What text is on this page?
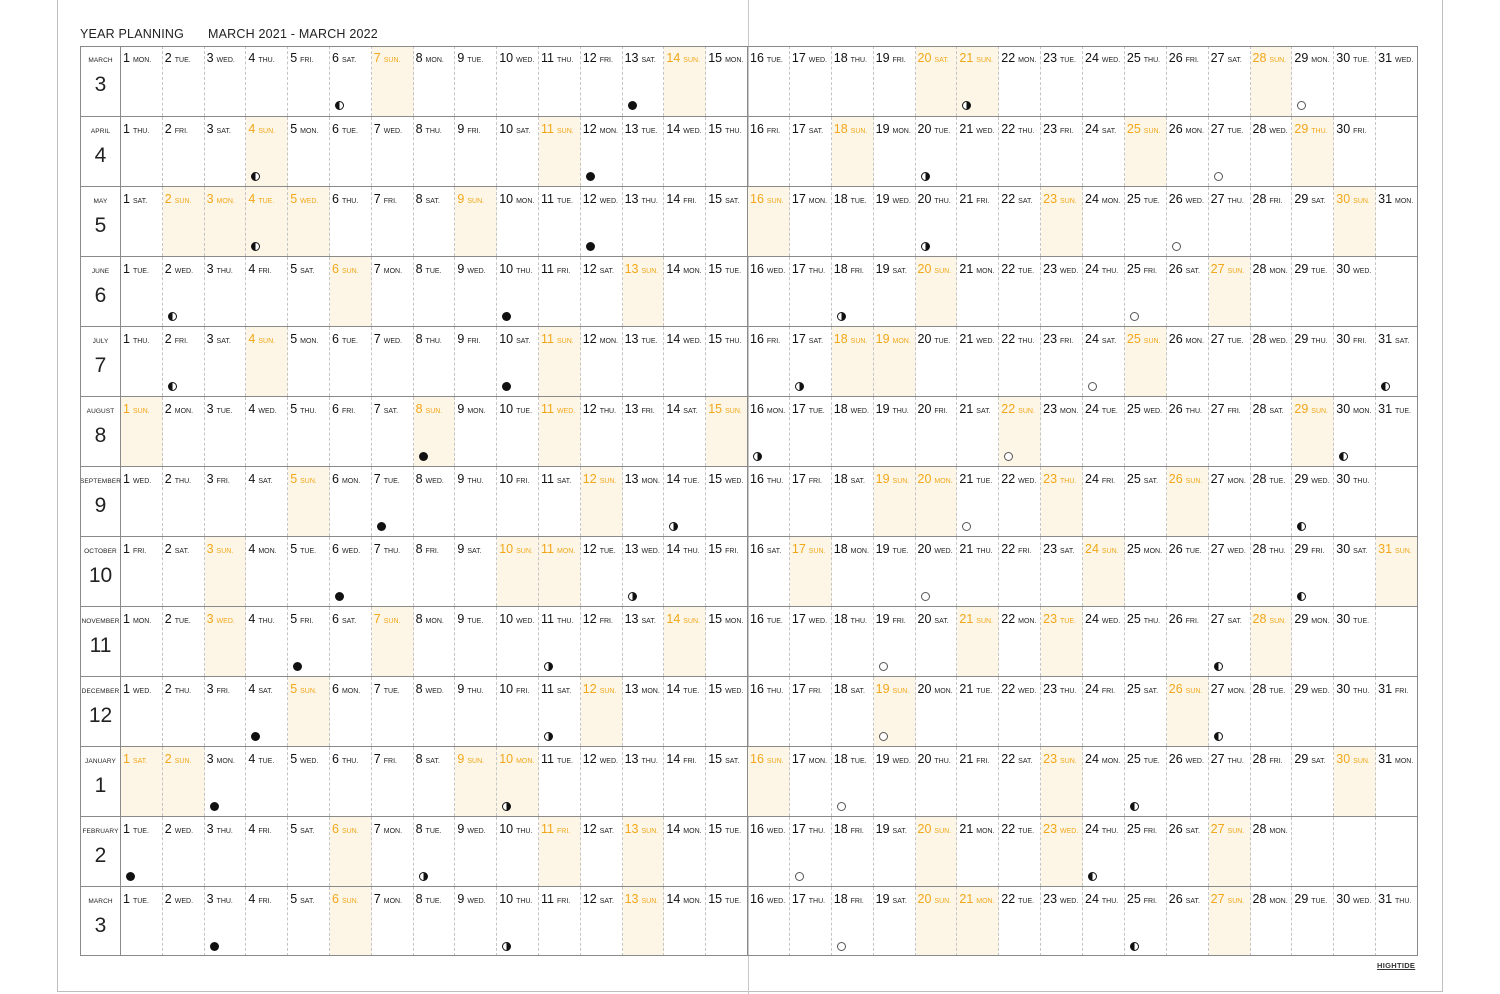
YEAR PLANNING MARCH 2021 - MARCH 2022
MARCH
3
1 MON. 2 TUE. 3 WED. 4 THU. 5 FRI. 6 SAT. 7 SUN. 8 MON. 9 TUE. 10 WED. 11 THU. 12 FRI. 13 SAT. 14 SUN. 15 MON. 16 TUE. 17 WED. 18 THU. 19 FRI. 20 SAT. 21 SUN. 22 MON. 23 TUE. 24 WED. 25 THU. 26 FRI. 27 SAT. 28 SUN. 29 MON. 30 TUE. 31 WED.
APRIL
4
1 THU. 2 FRI. 3 SAT. 4 SUN. 5 MON. 6 TUE. 7 WED. 8 THU. 9 FRI. 10 SAT. 11 SUN. 12 MON. 13 TUE. 14 WED. 15 THU. 16 FRI. 17 SAT. 18 SUN. 19 MON. 20 TUE. 21 WED. 22 THU. 23 FRI. 24 SAT. 25 SUN. 26 MON. 27 TUE. 28 WED. 29 THU. 30 FRI.
MAY
5
1 SAT. 2 SUN. 3 MON. 4 TUE. 5 WED. 6 THU. 7 FRI. 8 SAT. 9 SUN. 10 MON. 11 TUE. 12 WED. 13 THU. 14 FRI. 15 SAT. 16 SUN. 17 MON. 18 TUE. 19 WED. 20 THU. 21 FRI. 22 SAT. 23 SUN. 24 MON. 25 TUE. 26 WED. 27 THU. 28 FRI. 29 SAT. 30 SUN. 31 MON.
JUNE
6
1 TUE. 2 WED. 3 THU. 4 FRI. 5 SAT. 6 SUN. 7 MON. 8 TUE. 9 WED. 10 THU. 11 FRI. 12 SAT. 13 SUN. 14 MON. 15 TUE. 16 WED. 17 THU. 18 FRI. 19 SAT. 20 SUN. 21 MON. 22 TUE. 23 WED. 24 THU. 25 FRI. 26 SAT. 27 SUN. 28 MON. 29 TUE. 30 WED.
JULY
7
1 THU. 2 FRI. 3 SAT. 4 SUN. 5 MON. 6 TUE. 7 WED. 8 THU. 9 FRI. 10 SAT. 11 SUN. 12 MON. 13 TUE. 14 WED. 15 THU. 16 FRI. 17 SAT. 18 SUN. 19 MON. 20 TUE. 21 WED. 22 THU. 23 FRI. 24 SAT. 25 SUN. 26 MON. 27 TUE. 28 WED. 29 THU. 30 FRI. 31 SAT.
AUGUST
8
1 SUN. 2 MON. 3 TUE. 4 WED. 5 THU. 6 FRI. 7 SAT. 8 SUN. 9 MON. 10 TUE. 11 WED. 12 THU. 13 FRI. 14 SAT. 15 SUN. 16 MON. 17 TUE. 18 WED. 19 THU. 20 FRI. 21 SAT. 22 SUN. 23 MON. 24 TUE. 25 WED. 26 THU. 27 FRI. 28 SAT. 29 SUN. 30 MON. 31 TUE.
SEPTEMBER
9
1 WED. 2 THU. 3 FRI. 4 SAT. 5 SUN. 6 MON. 7 TUE. 8 WED. 9 THU. 10 FRI. 11 SAT. 12 SUN. 13 MON. 14 TUE. 15 WED. 16 THU. 17 FRI. 18 SAT. 19 SUN. 20 MON. 21 TUE. 22 WED. 23 THU. 24 FRI. 25 SAT. 26 SUN. 27 MON. 28 TUE. 29 WED. 30 THU.
OCTOBER
10
1 FRI. 2 SAT. 3 SUN. 4 MON. 5 TUE. 6 WED. 7 THU. 8 FRI. 9 SAT. 10 SUN. 11 MON. 12 TUE. 13 WED. 14 THU. 15 FRI. 16 SAT. 17 SUN. 18 MON. 19 TUE. 20 WED. 21 THU. 22 FRI. 23 SAT. 24 SUN. 25 MON. 26 TUE. 27 WED. 28 THU. 29 FRI. 30 SAT. 31 SUN.
NOVEMBER
11
1 MON. 2 TUE. 3 WED. 4 THU. 5 FRI. 6 SAT. 7 SUN. 8 MON. 9 TUE. 10 WED. 11 THU. 12 FRI. 13 SAT. 14 SUN. 15 MON. 16 TUE. 17 WED. 18 THU. 19 FRI. 20 SAT. 21 SUN. 22 MON. 23 TUE. 24 WED. 25 THU. 26 FRI. 27 SAT. 28 SUN. 29 MON. 30 TUE.
DECEMBER
12
1 WED. 2 THU. 3 FRI. 4 SAT. 5 SUN. 6 MON. 7 TUE. 8 WED. 9 THU. 10 FRI. 11 SAT. 12 SUN. 13 MON. 14 TUE. 15 WED. 16 THU. 17 FRI. 18 SAT. 19 SUN. 20 MON. 21 TUE. 22 WED. 23 THU. 24 FRI. 25 SAT. 26 SUN. 27 MON. 28 TUE. 29 WED. 30 THU. 31 FRI.
JANUARY
1
1 SAT. 2 SUN. 3 MON. 4 TUE. 5 WED. 6 THU. 7 FRI. 8 SAT. 9 SUN. 10 MON. 11 TUE. 12 WED. 13 THU. 14 FRI. 15 SAT. 16 SUN. 17 MON. 18 TUE. 19 WED. 20 THU. 21 FRI. 22 SAT. 23 SUN. 24 MON. 25 TUE. 26 WED. 27 THU. 28 FRI. 29 SAT. 30 SUN. 31 MON.
FEBRUARY
2
1 TUE. 2 WED. 3 THU. 4 FRI. 5 SAT. 6 SUN. 7 MON. 8 TUE. 9 WED. 10 THU. 11 FRI. 12 SAT. 13 SUN. 14 MON. 15 TUE. 16 WED. 17 THU. 18 FRI. 19 SAT. 20 SUN. 21 MON. 22 TUE. 23 WED. 24 THU. 25 FRI. 26 SAT. 27 SUN. 28 MON.
MARCH
3
1 TUE. 2 WED. 3 THU. 4 FRI. 5 SAT. 6 SUN. 7 MON. 8 TUE. 9 WED. 10 THU. 11 FRI. 12 SAT. 13 SUN. 14 MON. 15 TUE. 16 WED. 17 THU. 18 FRI. 19 SAT. 20 SUN. 21 MON. 22 TUE. 23 WED. 24 THU. 25 FRI. 26 SAT. 27 SUN. 28 MON. 29 TUE. 30 WED. 31 THU.
HIGHTIDE
